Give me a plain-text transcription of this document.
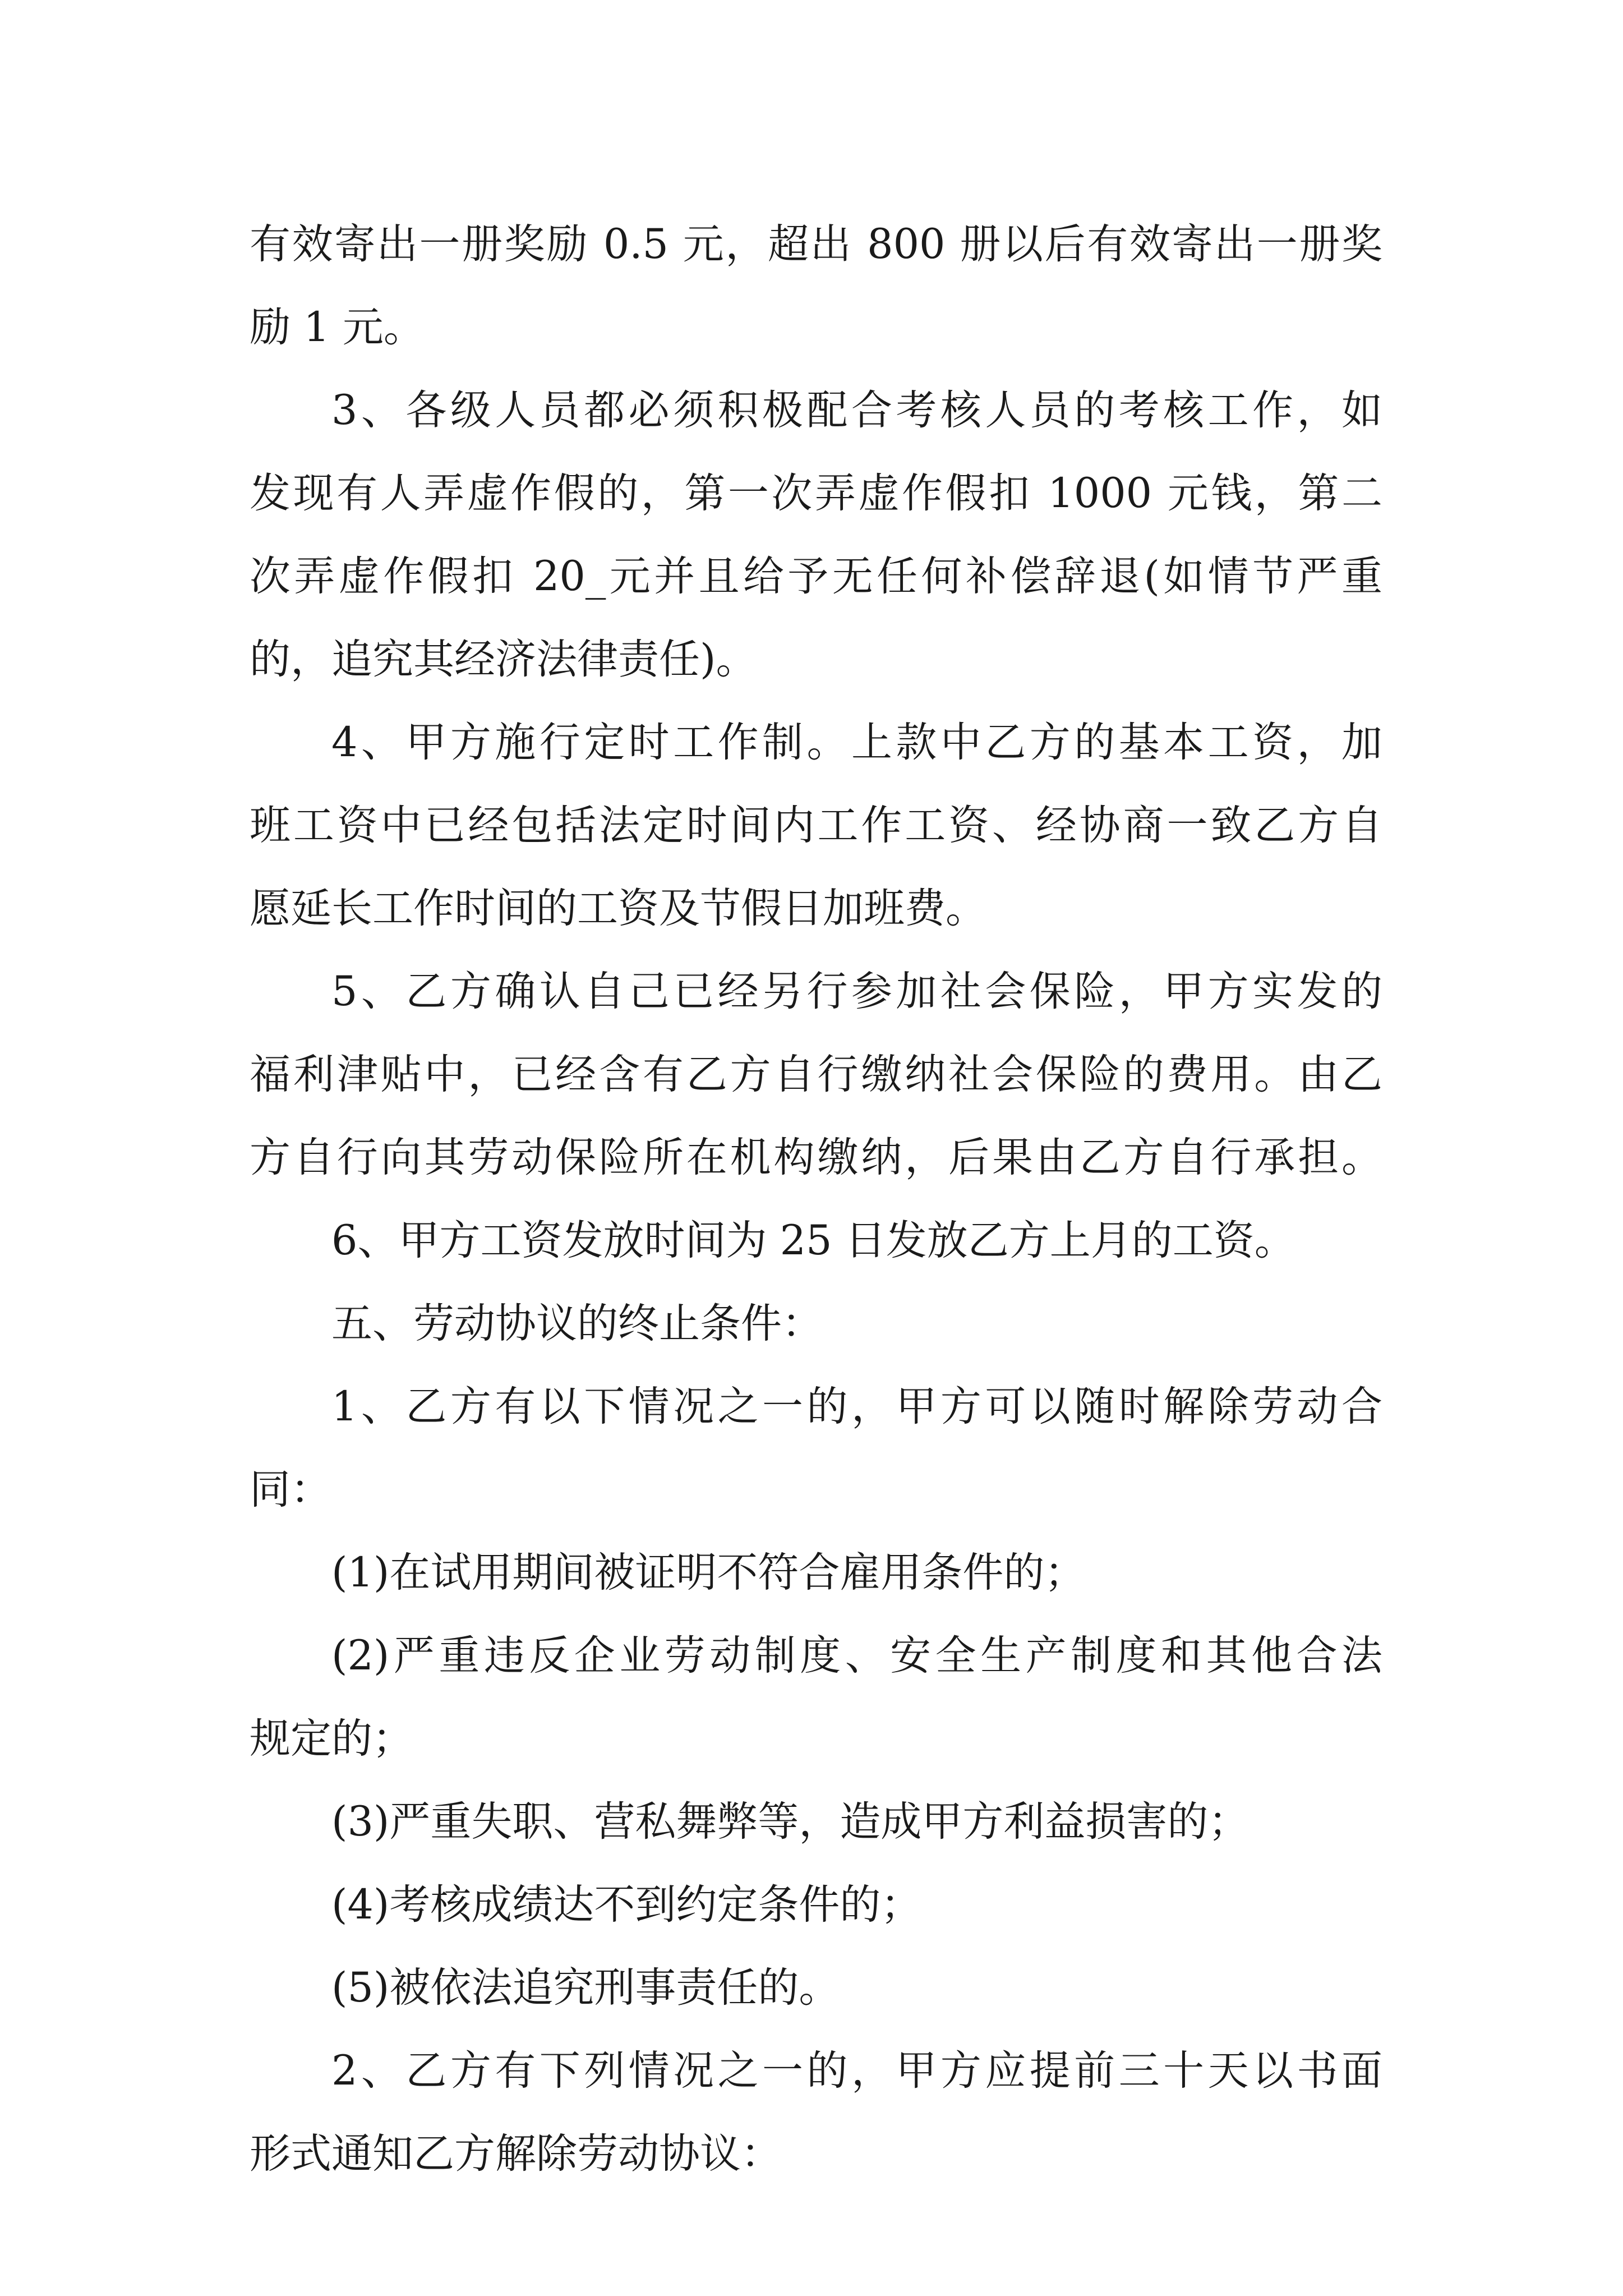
有效寄出一册奖励 0.5 元，超出 800 册以后有效寄出一册奖
励 1 元。
3、各级人员都必须积极配合考核人员的考核工作，如
发现有人弄虚作假的，第一次弄虚作假扣 1000 元钱，第二
次弄虚作假扣 20_元并且给予无任何补偿辞退(如情节严重
的，追究其经济法律责任)。
4、甲方施行定时工作制。上款中乙方的基本工资，加
班工资中已经包括法定时间内工作工资、经协商一致乙方自
愿延长工作时间的工资及节假日加班费。
5、乙方确认自己已经另行参加社会保险，甲方实发的
福利津贴中，已经含有乙方自行缴纳社会保险的费用。由乙
方自行向其劳动保险所在机构缴纳，后果由乙方自行承担。
6、甲方工资发放时间为 25 日发放乙方上月的工资。
五、劳动协议的终止条件：
1、乙方有以下情况之一的，甲方可以随时解除劳动合
同：
(1)在试用期间被证明不符合雇用条件的；
(2)严重违反企业劳动制度、安全生产制度和其他合法
规定的；
(3)严重失职、营私舞弊等，造成甲方利益损害的；
(4)考核成绩达不到约定条件的；
(5)被依法追究刑事责任的。
2、乙方有下列情况之一的，甲方应提前三十天以书面
形式通知乙方解除劳动协议：
